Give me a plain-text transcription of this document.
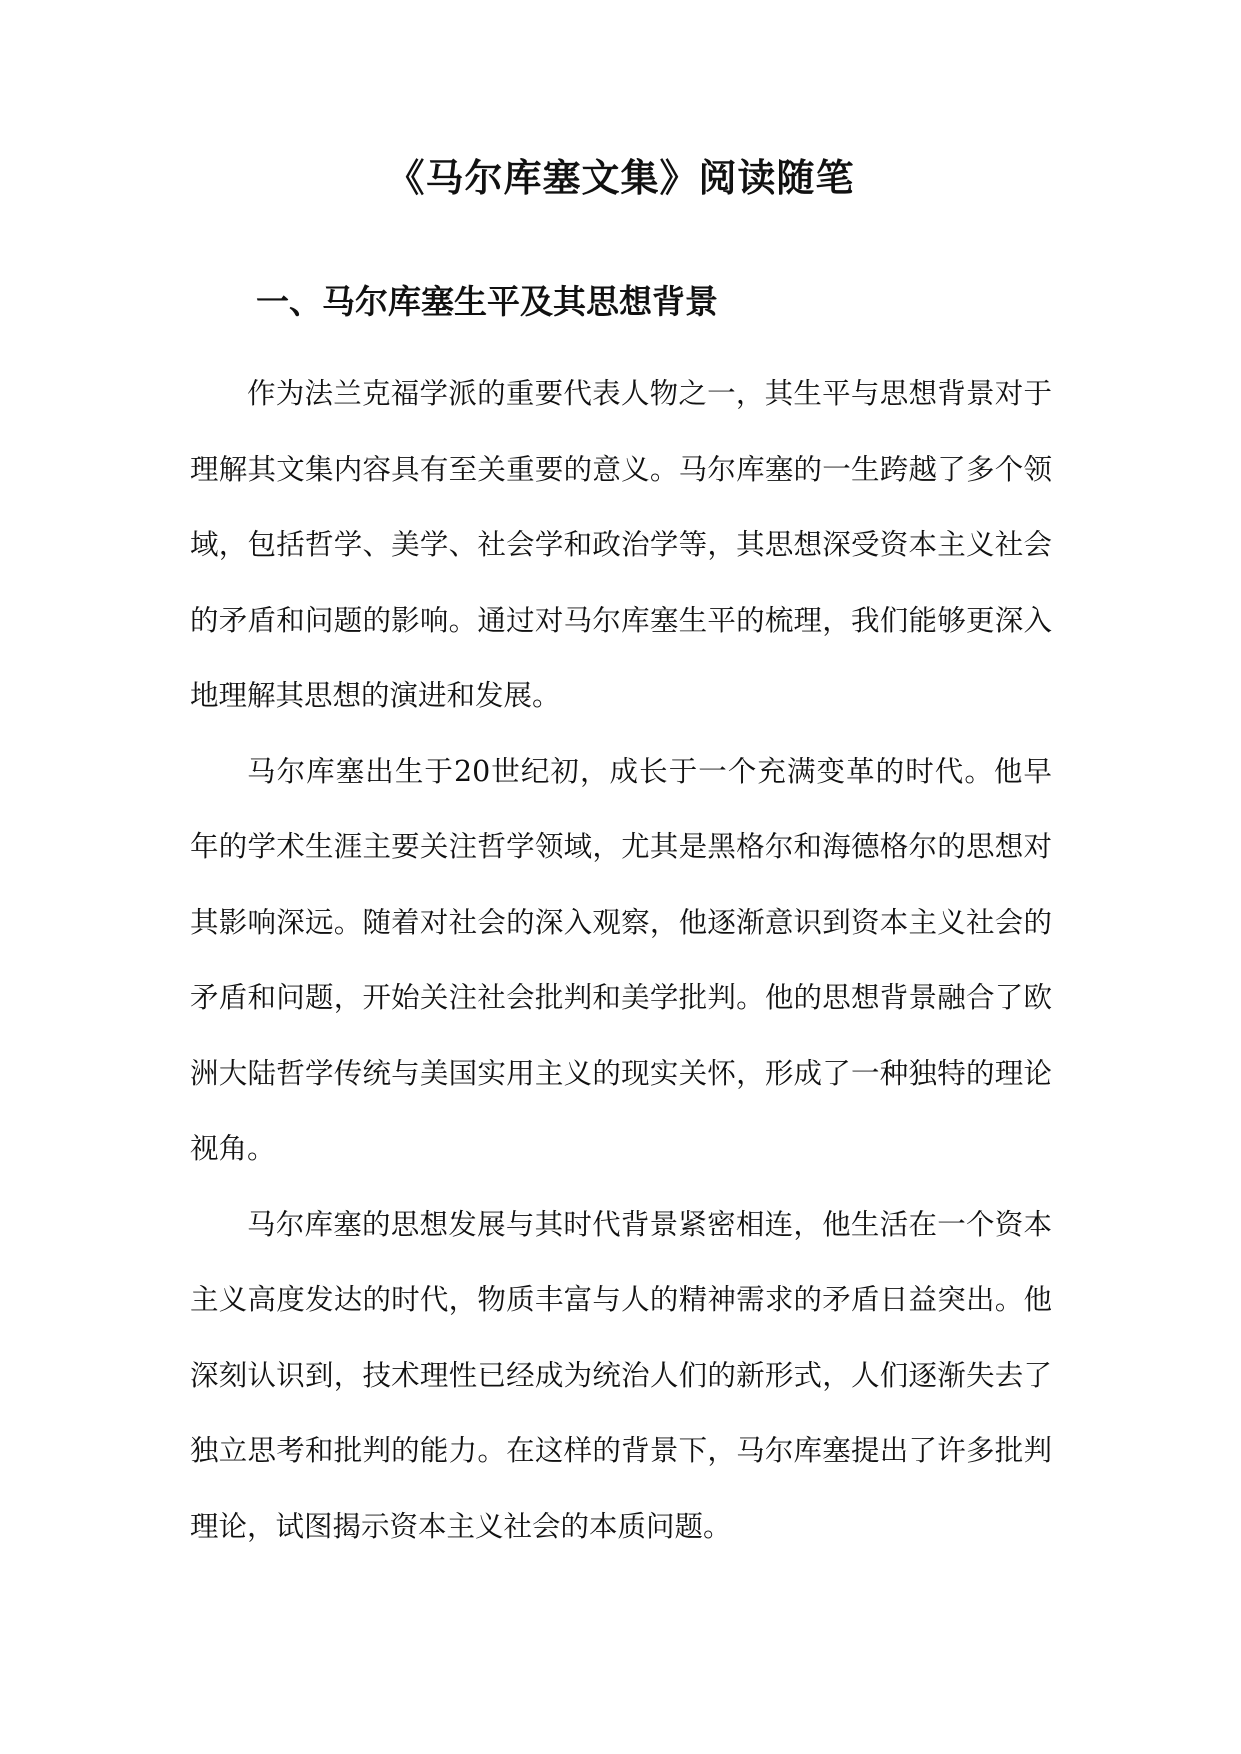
《马尔库塞文集》阅读随笔
一、马尔库塞生平及其思想背景

作为法兰克福学派的重要代表人物之一，其生平与思想背景对于理解其文集内容具有至关重要的意义。马尔库塞的一生跨越了多个领域，包括哲学、美学、社会学和政治学等，其思想深受资本主义社会的矛盾和问题的影响。通过对马尔库塞生平的梳理，我们能够更深入地理解其思想的演进和发展。

马尔库塞出生于20世纪初，成长于一个充满变革的时代。他早年的学术生涯主要关注哲学领域，尤其是黑格尔和海德格尔的思想对其影响深远。随着对社会的深入观察，他逐渐意识到资本主义社会的矛盾和问题，开始关注社会批判和美学批判。他的思想背景融合了欧洲大陆哲学传统与美国实用主义的现实关怀，形成了一种独特的理论视角。

马尔库塞的思想发展与其时代背景紧密相连，他生活在一个资本主义高度发达的时代，物质丰富与人的精神需求的矛盾日益突出。他深刻认识到，技术理性已经成为统治人们的新形式，人们逐渐失去了独立思考和批判的能力。在这样的背景下，马尔库塞提出了许多批判理论，试图揭示资本主义社会的本质问题。
